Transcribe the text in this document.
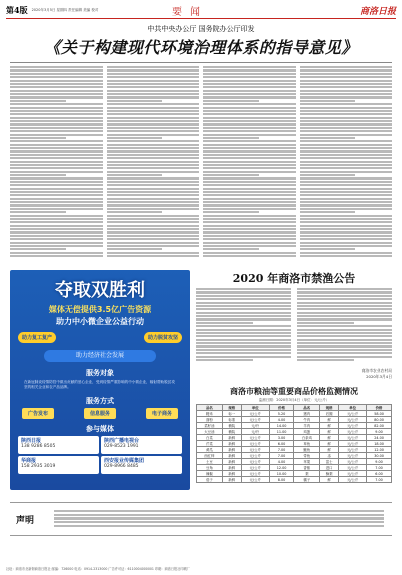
第4版 2020年3月5日 星期四 责任编辑 美编 校对	商洛日报
要闻
中共中央办公厅 国务院办公厅印发
《关于构建现代环境治理体系的指导意见》
夺取双胜利
媒体无偿提供3.5亿广告资源
助力中小微企业公益行动
助力复工复产	助力脱贫攻坚
助力经济社会发展
服务对象
在新冠肺炎疫情防控中做出贡献的爱心企业，受到疫情严重影响的中小微企业，辐射帮助脱贫攻坚的相关企业和农产品品牌。
服务方式
广告发布	信息服务	电子商务
参与媒体
陕西日报
138 9286 8505
陕西广播电视台
029-8523 1991
华商报
158 2935 3019
西安报业传媒集团
029-8966 8485
2020 年商洛市禁渔公告
商洛市农业农村局
2020年3月4日
商洛市粮油等重要商品价格监测情况
监测日期：2020年3月4日（单位：元/公斤）
品名	规格	单位	价格	品名	规格	单位	价格
粳米	标一	元/公斤	5.20	猪肉	后腿	元/公斤	58.00
面粉	标准	元/公斤	4.00	牛肉	鲜	元/公斤	80.00
菜籽油	桶装	元/升	14.00	羊肉	鲜	元/公斤	82.00
大豆油	桶装	元/升	11.00	鸡蛋	鲜	元/公斤	9.00
白菜	新鲜	元/公斤	3.00	白条鸡	鲜	元/公斤	24.00
芹菜	新鲜	元/公斤	6.00	草鱼	鲜	元/公斤	18.00
黄瓜	新鲜	元/公斤	7.00	鲢鱼	鲜	元/公斤	12.00
西红柿	新鲜	元/公斤	7.00	带鱼	冻	元/公斤	30.00
土豆	新鲜	元/公斤	4.00	苹果	富士	元/公斤	9.00
豆角	新鲜	元/公斤	12.00	香蕉	进口	元/公斤	7.00
辣椒	新鲜	元/公斤	10.00	梨	酥梨	元/公斤	6.00
茄子	新鲜	元/公斤	8.00	橘子	鲜	元/公斤	7.00
声明
社址：商洛市北新街商洛日报社 邮编：726000 电话：0914-2313000 广告许可证：6110004000001 印刷：商洛日报社印刷厂
